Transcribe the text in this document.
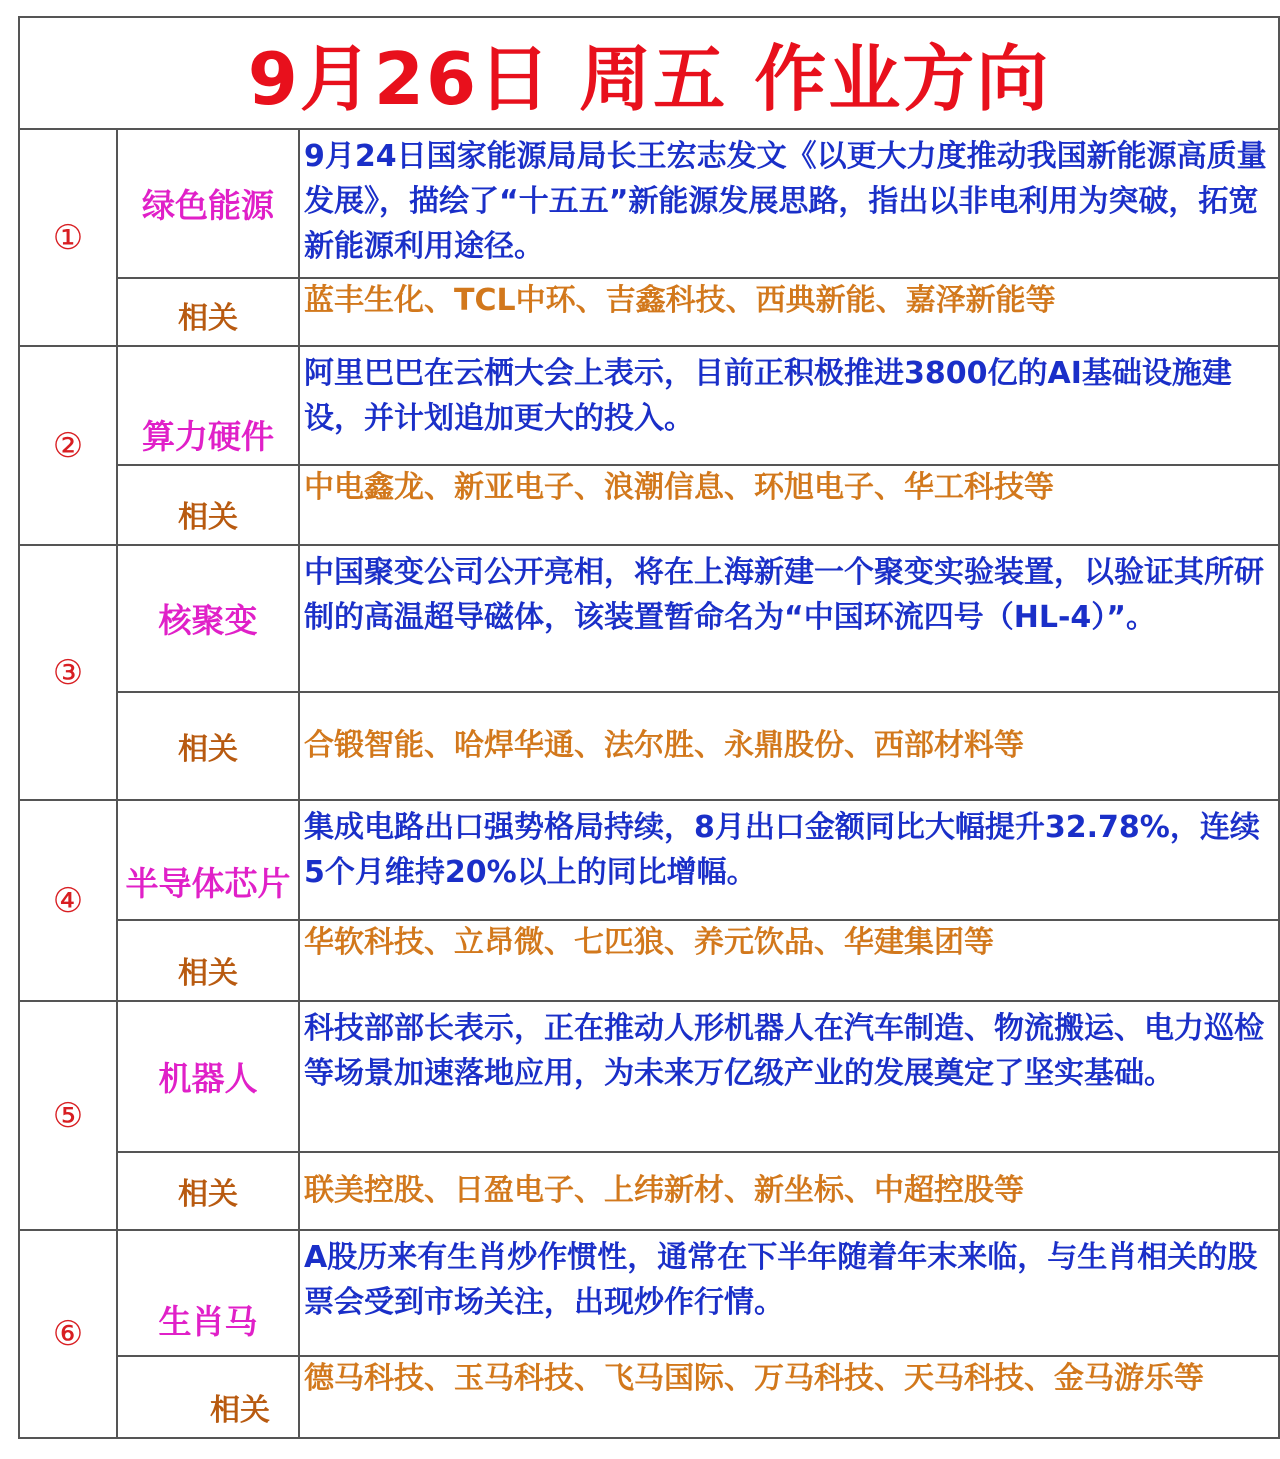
9月26日 周五 作业方向
①	绿色能源	9月24日国家能源局局长王宏志发文《以更大力度推动我国新能源高质量发展》，描绘了“十五五”新能源发展思路，指出以非电利用为突破，拓宽新能源利用途径。
	相关	蓝丰生化、TCL中环、吉鑫科技、西典新能、嘉泽新能等
②	算力硬件	阿里巴巴在云栖大会上表示，目前正积极推进3800亿的AI基础设施建设，并计划追加更大的投入。
	相关	中电鑫龙、新亚电子、浪潮信息、环旭电子、华工科技等
③	核聚变	中国聚变公司公开亮相，将在上海新建一个聚变实验装置，以验证其所研制的高温超导磁体，该装置暂命名为“中国环流四号（HL-4）”。
	相关	合锻智能、哈焊华通、法尔胜、永鼎股份、西部材料等
④	半导体芯片	集成电路出口强势格局持续，8月出口金额同比大幅提升32.78%，连续5个月维持20%以上的同比增幅。
	相关	华软科技、立昂微、七匹狼、养元饮品、华建集团等
⑤	机器人	科技部部长表示，正在推动人形机器人在汽车制造、物流搬运、电力巡检等场景加速落地应用，为未来万亿级产业的发展奠定了坚实基础。
	相关	联美控股、日盈电子、上纬新材、新坐标、中超控股等
⑥	生肖马	A股历来有生肖炒作惯性，通常在下半年随着年末来临，与生肖相关的股票会受到市场关注，出现炒作行情。
	相关	德马科技、玉马科技、飞马国际、万马科技、天马科技、金马游乐等
